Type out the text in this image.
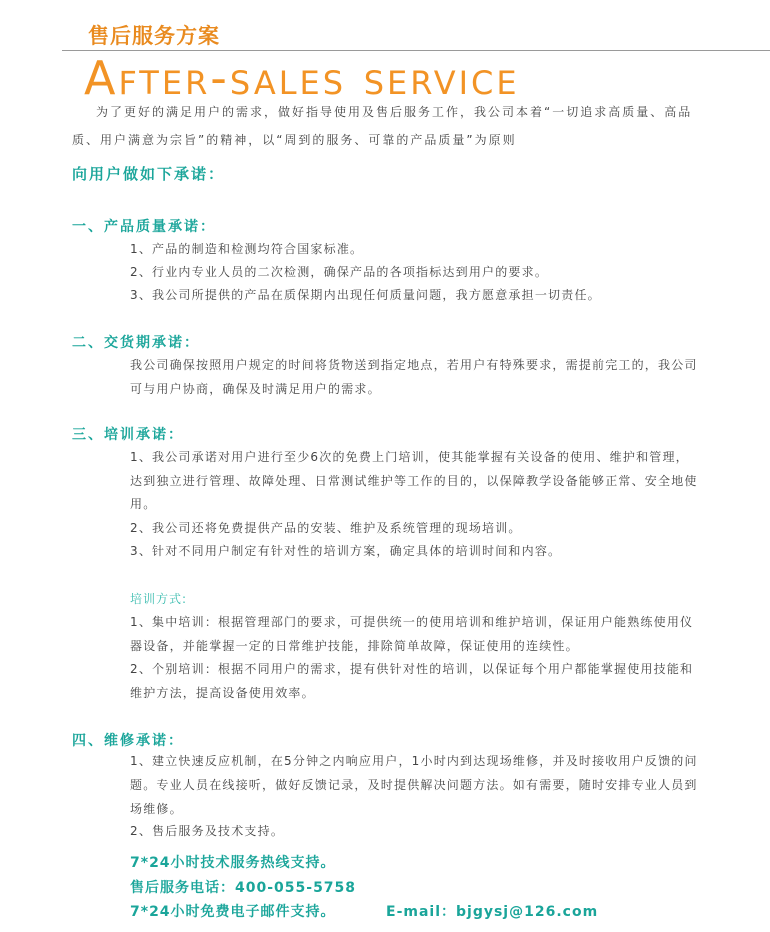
售后服务方案
After-sales service

为了更好的满足用户的需求，做好指导使用及售后服务工作，我公司本着“一切追求高质量、高品质、用户满意为宗旨”的精神，以“周到的服务、可靠的产品质量”为原则

向用户做如下承诺：
一、产品质量承诺：

1、产品的制造和检测均符合国家标准。

2、行业内专业人员的二次检测，确保产品的各项指标达到用户的要求。

3、我公司所提供的产品在质保期内出现任何质量问题，我方愿意承担一切责任。

二、交货期承诺：

我公司确保按照用户规定的时间将货物送到指定地点，若用户有特殊要求，需提前完工的，我公司可与用户协商，确保及时满足用户的需求。

三、培训承诺：

1、我公司承诺对用户进行至少6次的免费上门培训，使其能掌握有关设备的使用、维护和管理，达到独立进行管理、故障处理、日常测试维护等工作的目的，以保障教学设备能够正常、安全地使用。

2、我公司还将免费提供产品的安装、维护及系统管理的现场培训。

3、针对不同用户制定有针对性的培训方案，确定具体的培训时间和内容。

培训方式:

1、集中培训：根据管理部门的要求，可提供统一的使用培训和维护培训，保证用户能熟练使用仪器设备，并能掌握一定的日常维护技能，排除简单故障，保证使用的连续性。

2、个别培训：根据不同用户的需求，提有供针对性的培训，以保证每个用户都能掌握使用技能和维护方法，提高设备使用效率。

四、维修承诺：

1、建立快速反应机制，在5分钟之内响应用户，1小时内到达现场维修，并及时接收用户反馈的问题。专业人员在线接听，做好反馈记录，及时提供解决问题方法。如有需要，随时安排专业人员到场维修。

2、售后服务及技术支持。

7*24小时技术服务热线支持。
售后服务电话：400-055-5758
7*24小时免费电子邮件支持。	E-mail：bjgysj@126.com
